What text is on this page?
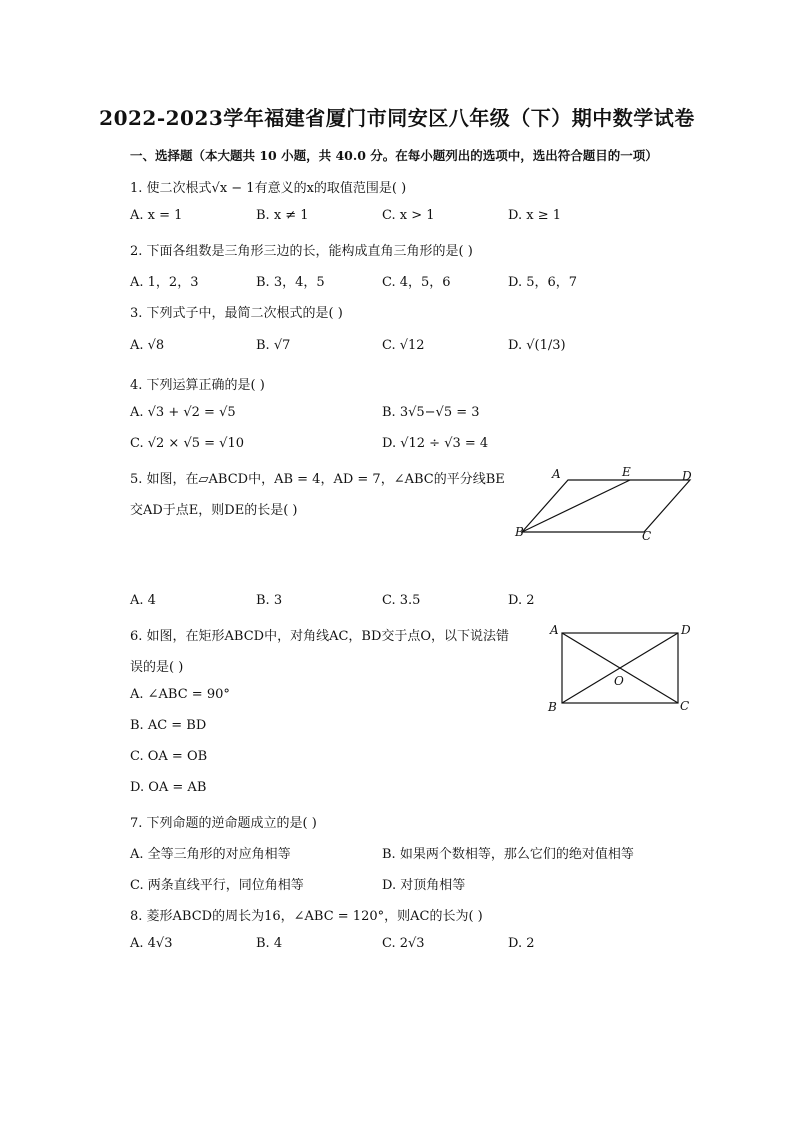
2022-2023学年福建省厦门市同安区八年级（下）期中数学试卷
一、选择题（本大题共 10 小题，共 40.0 分。在每小题列出的选项中，选出符合题目的一项）
1. 使二次根式√x − 1有意义的x的取值范围是( )
A. x = 1	B. x ≠ 1	C. x > 1	D. x ≥ 1
2. 下面各组数是三角形三边的长，能构成直角三角形的是( )
A. 1，2，3	B. 3，4，5	C. 4，5，6	D. 5，6，7
3. 下列式子中，最简二次根式的是( )
A. √8	B. √7	C. √12	D. √(1/3)
4. 下列运算正确的是( )
A. √3 + √2 = √5	B. 3√5−√5 = 3
C. √2 × √5 = √10	D. √12 ÷ √3 = 4
5. 如图，在▱ABCD中，AB = 4，AD = 7，∠ABC的平分线BE
交AD于点E，则DE的长是( )
A	E	D
B	C
A. 4	B. 3	C. 3.5	D. 2
6. 如图，在矩形ABCD中，对角线AC，BD交于点O，以下说法错
误的是( )
A	D
O
B	C
A. ∠ABC = 90°
B. AC = BD
C. OA = OB
D. OA = AB
7. 下列命题的逆命题成立的是( )
A. 全等三角形的对应角相等	B. 如果两个数相等，那么它们的绝对值相等
C. 两条直线平行，同位角相等	D. 对顶角相等
8. 菱形ABCD的周长为16，∠ABC = 120°，则AC的长为( )
A. 4√3	B. 4	C. 2√3	D. 2
